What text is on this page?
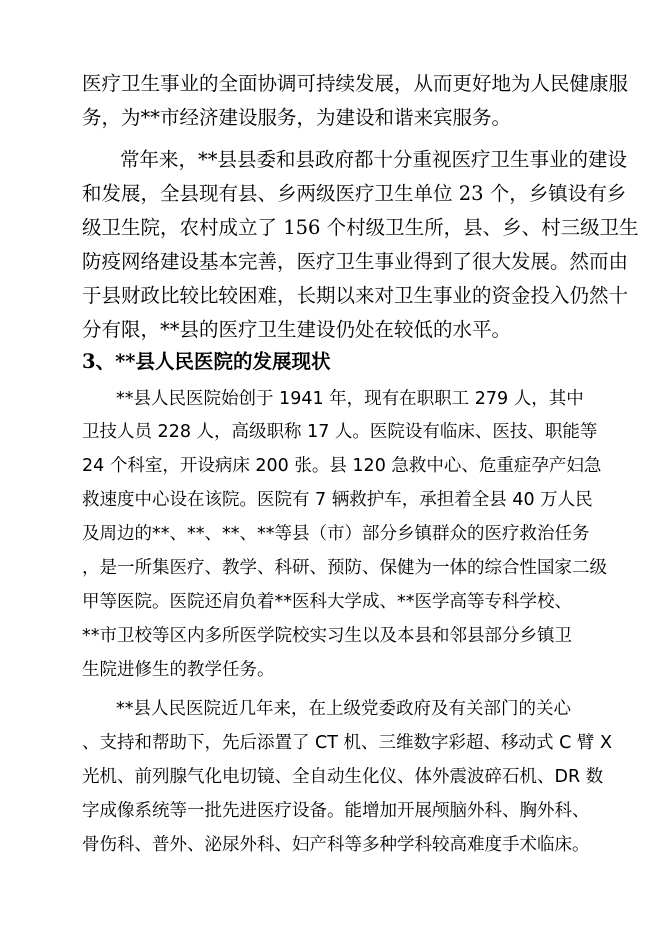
医疗卫生事业的全面协调可持续发展，从而更好地为人民健康服
务，为**市经济建设服务，为建设和谐来宾服务。
常年来，**县县委和县政府都十分重视医疗卫生事业的建设
和发展，全县现有县、乡两级医疗卫生单位 23 个，乡镇设有乡
级卫生院，农村成立了 156 个村级卫生所，县、乡、村三级卫生
防疫网络建设基本完善，医疗卫生事业得到了很大发展。然而由
于县财政比较比较困难，长期以来对卫生事业的资金投入仍然十
分有限，**县的医疗卫生建设仍处在较低的水平。
3、**县人民医院的发展现状
**县人民医院始创于 1941 年，现有在职职工 279 人，其中
卫技人员 228 人，高级职称 17 人。医院设有临床、医技、职能等
24 个科室，开设病床 200 张。县 120 急救中心、危重症孕产妇急
救速度中心设在该院。医院有 7 辆救护车，承担着全县 40 万人民
及周边的**、**、**、**等县（市）部分乡镇群众的医疗救治任务
，是一所集医疗、教学、科研、预防、保健为一体的综合性国家二级
甲等医院。医院还肩负着**医科大学成、**医学高等专科学校、
**市卫校等区内多所医学院校实习生以及本县和邻县部分乡镇卫
生院进修生的教学任务。
**县人民医院近几年来，在上级党委政府及有关部门的关心
、支持和帮助下，先后添置了 CT 机、三维数字彩超、移动式 C 臂 X
光机、前列腺气化电切镜、全自动生化仪、体外震波碎石机、DR 数
字成像系统等一批先进医疗设备。能增加开展颅脑外科、胸外科、
骨伤科、普外、泌尿外科、妇产科等多种学科较高难度手术临床。
